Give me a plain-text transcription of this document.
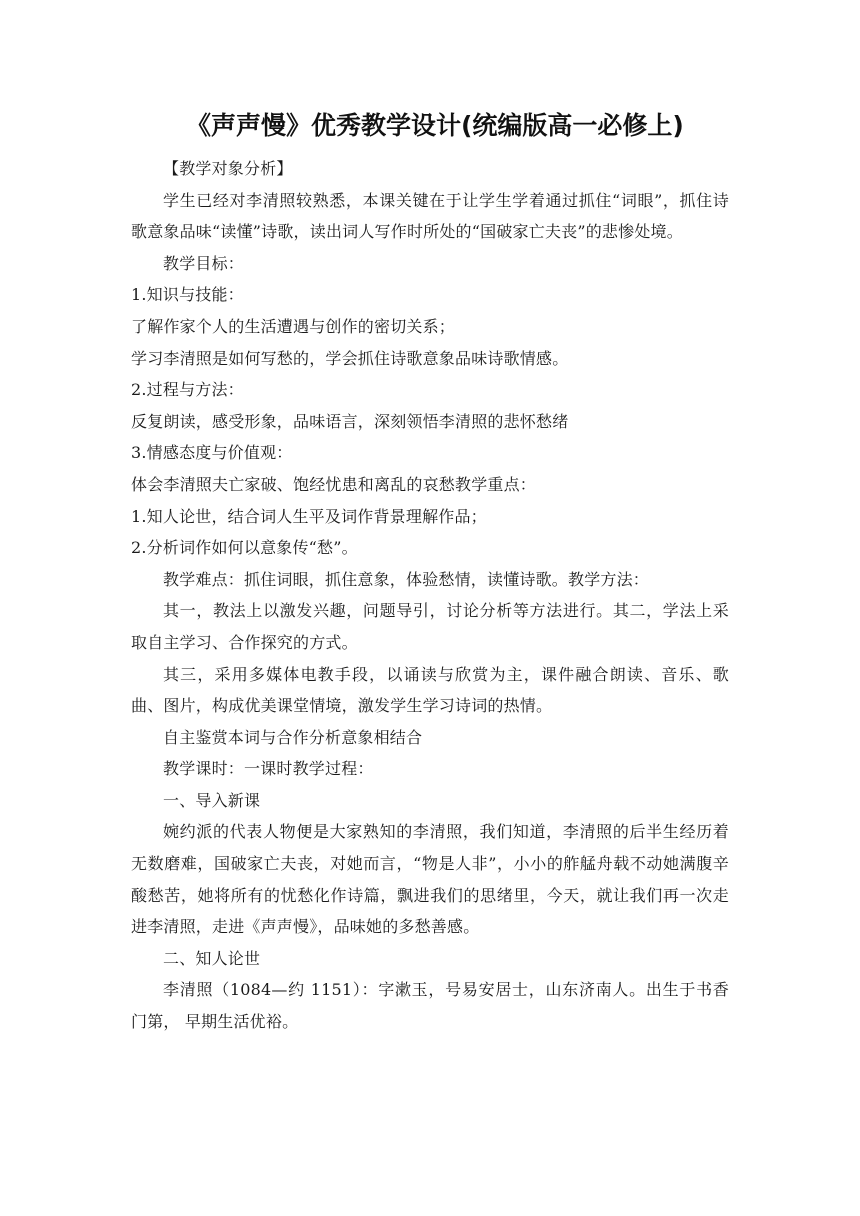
《声声慢》优秀教学设计(统编版高一必修上)

【教学对象分析】

学生已经对李清照较熟悉，本课关键在于让学生学着通过抓住“词眼”，抓住诗歌意象品味“读懂”诗歌，读出词人写作时所处的“国破家亡夫丧”的悲惨处境。

教学目标：

1.知识与技能：

了解作家个人的生活遭遇与创作的密切关系；

学习李清照是如何写愁的，学会抓住诗歌意象品味诗歌情感。

2.过程与方法：

反复朗读，感受形象，品味语言，深刻领悟李清照的悲怀愁绪

3.情感态度与价值观：

体会李清照夫亡家破、饱经忧患和离乱的哀愁教学重点：

1.知人论世，结合词人生平及词作背景理解作品；

2.分析词作如何以意象传“愁”。

教学难点：抓住词眼，抓住意象，体验愁情，读懂诗歌。教学方法：

其一，教法上以激发兴趣，问题导引，讨论分析等方法进行。其二，学法上采取自主学习、合作探究的方式。

其三，采用多媒体电教手段，以诵读与欣赏为主，课件融合朗读、音乐、歌曲、图片，构成优美课堂情境，激发学生学习诗词的热情。

自主鉴赏本词与合作分析意象相结合

教学课时：一课时教学过程：

一、导入新课

婉约派的代表人物便是大家熟知的李清照，我们知道，李清照的后半生经历着无数磨难，国破家亡夫丧，对她而言，“物是人非”，小小的舴艋舟载不动她满腹辛酸愁苦，她将所有的忧愁化作诗篇，飘进我们的思绪里，今天，就让我们再一次走进李清照，走进《声声慢》，品味她的多愁善感。

二、知人论世

李清照（1084—约 1151）：字漱玉，号易安居士，山东济南人。出生于书香门第， 早期生活优裕。
